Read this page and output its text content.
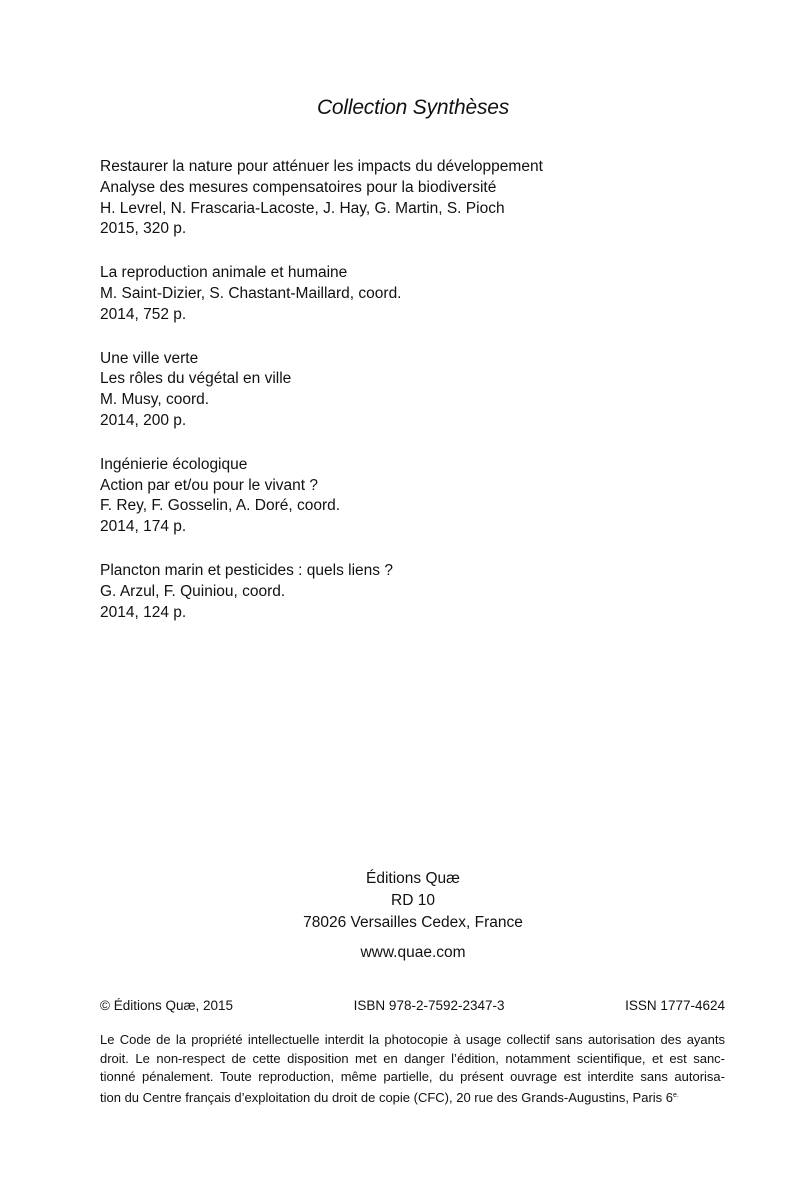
Collection Synthèses
Restaurer la nature pour atténuer les impacts du développement
Analyse des mesures compensatoires pour la biodiversité
H. Levrel, N. Frascaria-Lacoste, J. Hay, G. Martin, S. Pioch
2015, 320 p.
La reproduction animale et humaine
M. Saint-Dizier, S. Chastant-Maillard, coord.
2014, 752 p.
Une ville verte
Les rôles du végétal en ville
M. Musy, coord.
2014, 200 p.
Ingénierie écologique
Action par et/ou pour le vivant ?
F. Rey, F. Gosselin, A. Doré, coord.
2014, 174 p.
Plancton marin et pesticides : quels liens ?
G. Arzul, F. Quiniou, coord.
2014, 124 p.
Éditions Quæ
RD 10
78026 Versailles Cedex, France
www.quae.com
© Éditions Quæ, 2015	ISBN 978-2-7592-2347-3	ISSN 1777-4624
Le Code de la propriété intellectuelle interdit la photocopie à usage collectif sans autorisation des ayants
droit. Le non-respect de cette disposition met en danger l’édition, notamment scientifique, et est sanc-
tionné pénalement. Toute reproduction, même partielle, du présent ouvrage est interdite sans autorisa-
tion du Centre français d’exploitation du droit de copie (CFC), 20 rue des Grands-Augustins, Paris $6^{e.}$
